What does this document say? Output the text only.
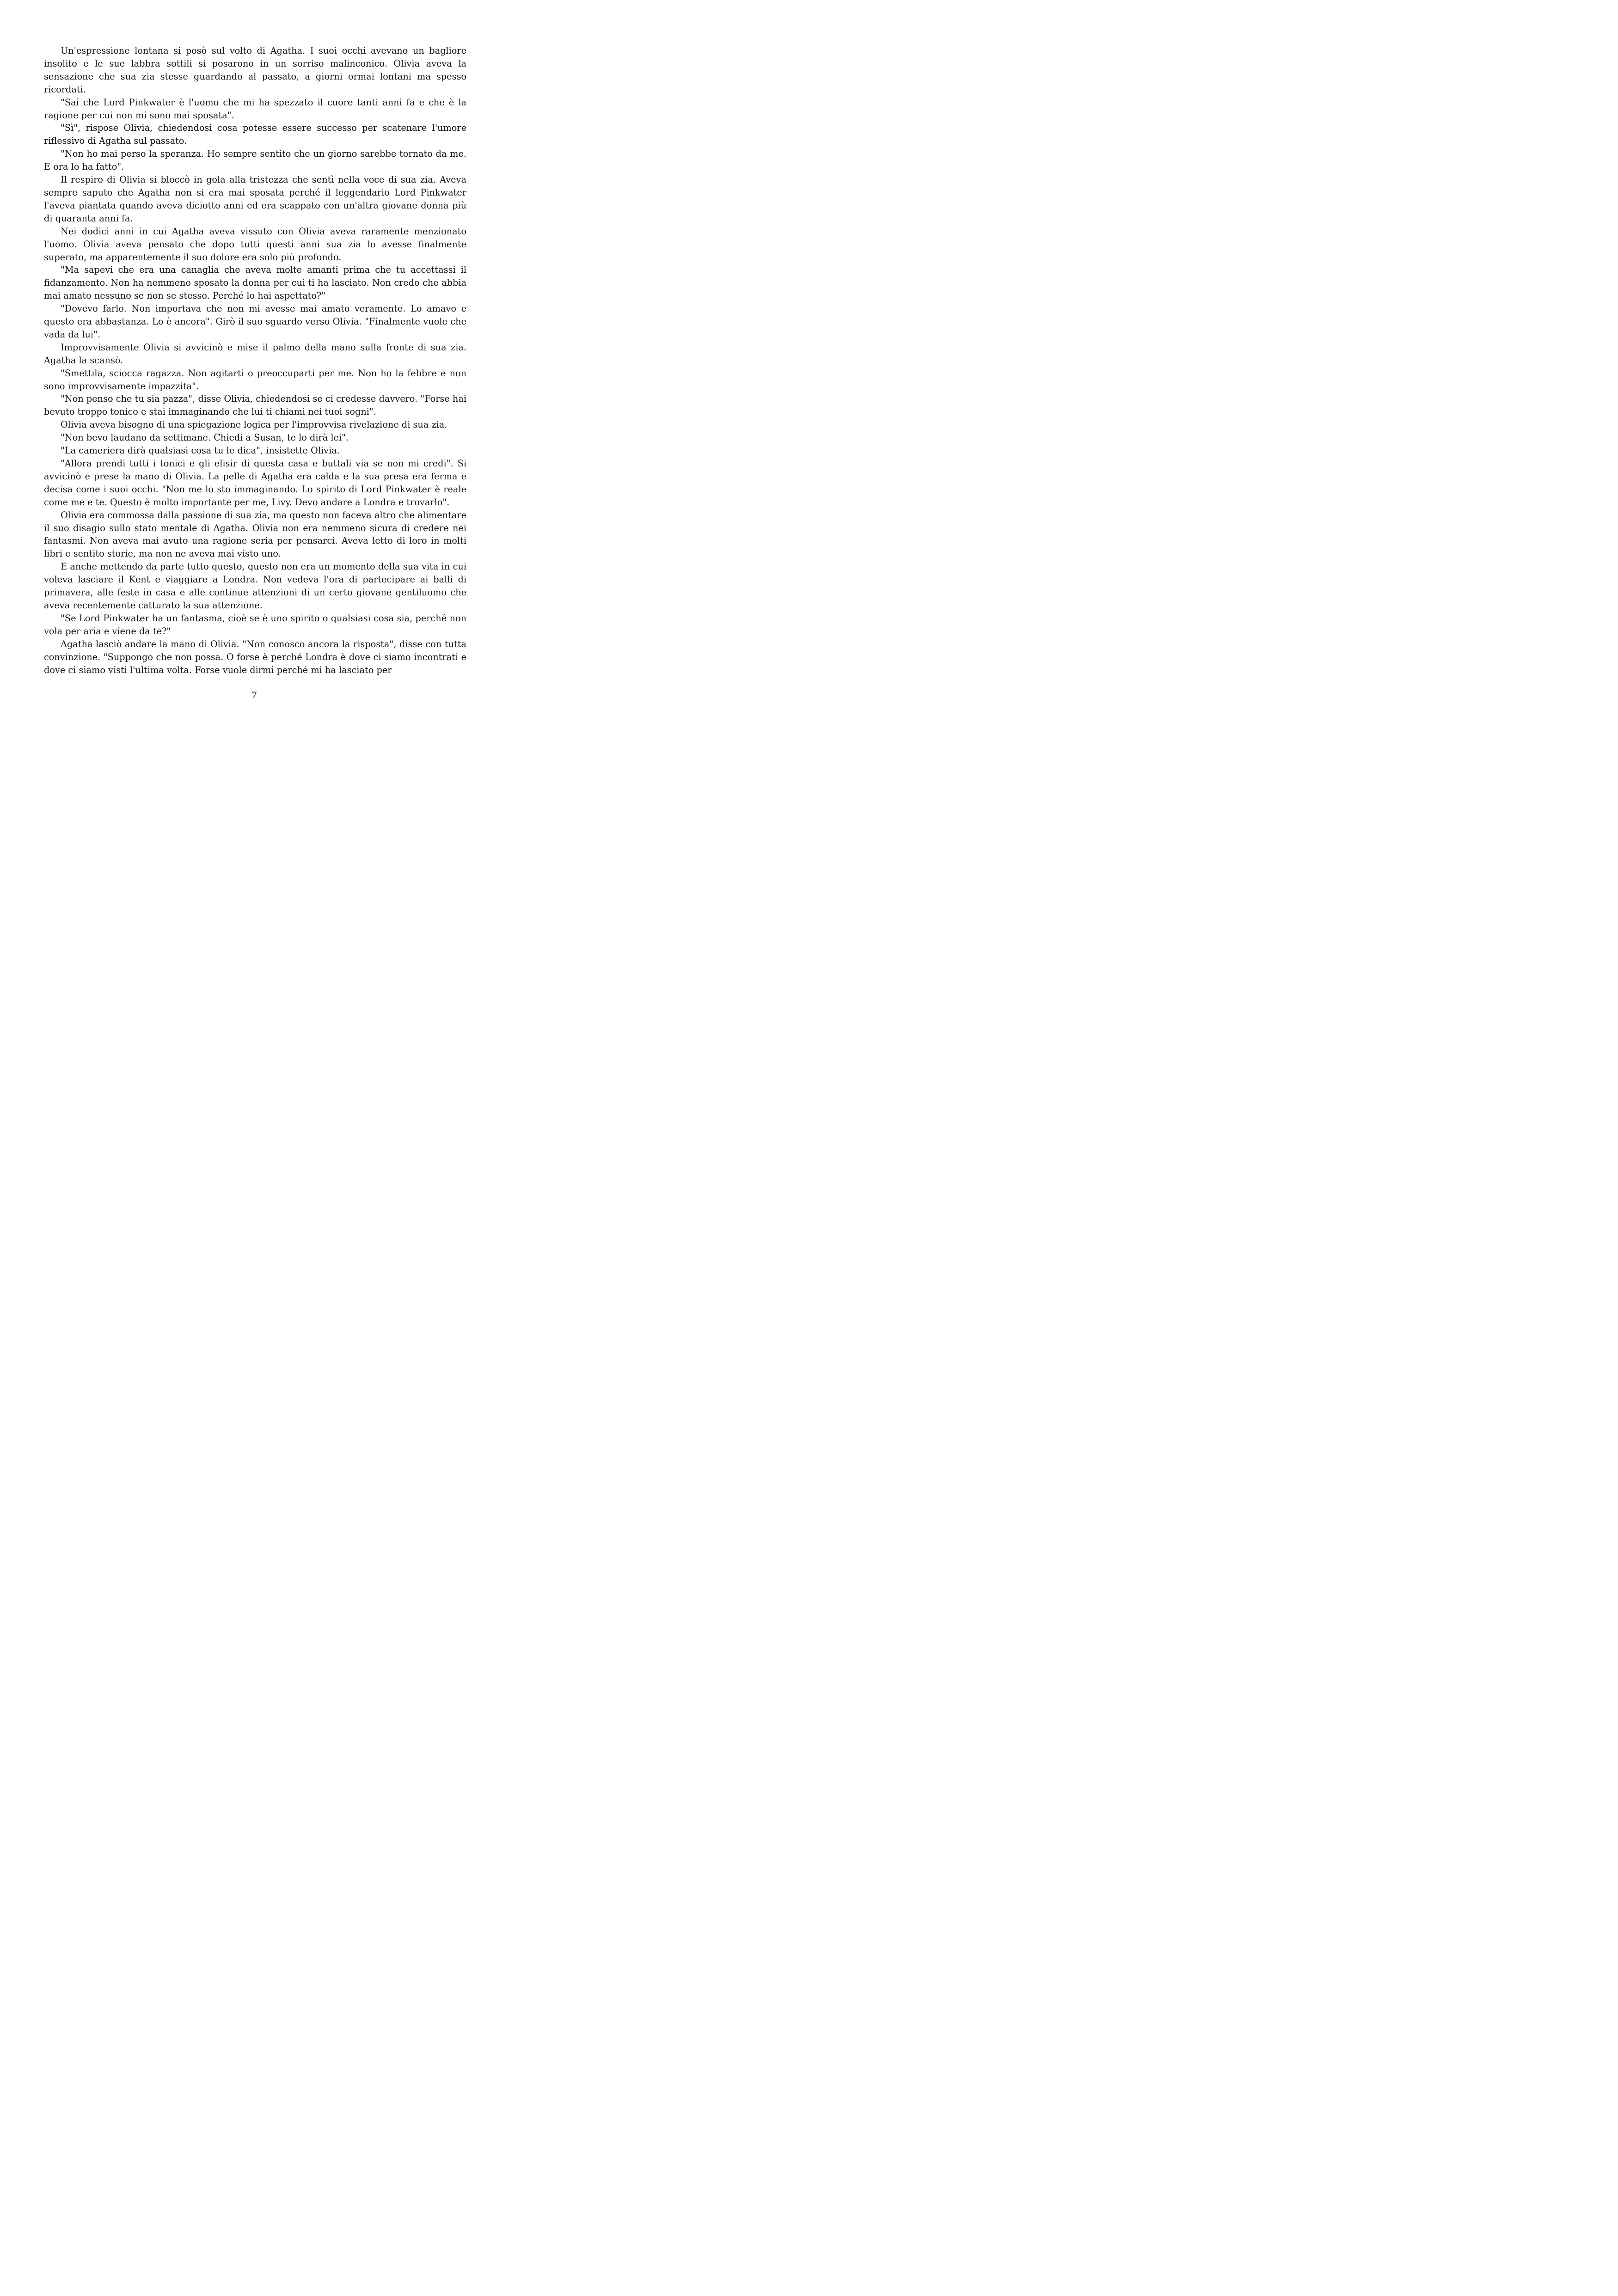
Un'espressione lontana si posò sul volto di Agatha. I suoi occhi avevano un bagliore insolito e le sue labbra sottili si posarono in un sorriso malinconico. Olivia aveva la sensazione che sua zia stesse guardando al passato, a giorni ormai lontani ma spesso ricordati.

"Sai che Lord Pinkwater è l'uomo che mi ha spezzato il cuore tanti anni fa e che è la ragione per cui non mi sono mai sposata".

"Sì", rispose Olivia, chiedendosi cosa potesse essere successo per scatenare l'umore riflessivo di Agatha sul passato.

"Non ho mai perso la speranza. Ho sempre sentito che un giorno sarebbe tornato da me. E ora lo ha fatto".

Il respiro di Olivia si bloccò in gola alla tristezza che sentì nella voce di sua zia. Aveva sempre saputo che Agatha non si era mai sposata perché il leggendario Lord Pinkwater l'aveva piantata quando aveva diciotto anni ed era scappato con un'altra giovane donna più di quaranta anni fa.

Nei dodici anni in cui Agatha aveva vissuto con Olivia aveva raramente menzionato l'uomo. Olivia aveva pensato che dopo tutti questi anni sua zia lo avesse finalmente superato, ma apparentemente il suo dolore era solo più profondo.

"Ma sapevi che era una canaglia che aveva molte amanti prima che tu accettassi il fidanzamento. Non ha nemmeno sposato la donna per cui ti ha lasciato. Non credo che abbia mai amato nessuno se non se stesso. Perché lo hai aspettato?"

"Dovevo farlo. Non importava che non mi avesse mai amato veramente. Lo amavo e questo era abbastanza. Lo è ancora". Girò il suo sguardo verso Olivia. "Finalmente vuole che vada da lui".

Improvvisamente Olivia si avvicinò e mise il palmo della mano sulla fronte di sua zia. Agatha la scansò.

"Smettila, sciocca ragazza. Non agitarti o preoccuparti per me. Non ho la febbre e non sono improvvisamente impazzita".

"Non penso che tu sia pazza", disse Olivia, chiedendosi se ci credesse davvero. "Forse hai bevuto troppo tonico e stai immaginando che lui ti chiami nei tuoi sogni".

Olivia aveva bisogno di una spiegazione logica per l'improvvisa rivelazione di sua zia.

"Non bevo laudano da settimane. Chiedi a Susan, te lo dirà lei".

"La cameriera dirà qualsiasi cosa tu le dica", insistette Olivia.

"Allora prendi tutti i tonici e gli elisir di questa casa e buttali via se non mi credi". Si avvicinò e prese la mano di Olivia. La pelle di Agatha era calda e la sua presa era ferma e decisa come i suoi occhi. "Non me lo sto immaginando. Lo spirito di Lord Pinkwater è reale come me e te. Questo è molto importante per me, Livy. Devo andare a Londra e trovarlo".

Olivia era commossa dalla passione di sua zia, ma questo non faceva altro che alimentare il suo disagio sullo stato mentale di Agatha. Olivia non era nemmeno sicura di credere nei fantasmi. Non aveva mai avuto una ragione seria per pensarci. Aveva letto di loro in molti libri e sentito storie, ma non ne aveva mai visto uno.

E anche mettendo da parte tutto questo, questo non era un momento della sua vita in cui voleva lasciare il Kent e viaggiare a Londra. Non vedeva l'ora di partecipare ai balli di primavera, alle feste in casa e alle continue attenzioni di un certo giovane gentiluomo che aveva recentemente catturato la sua attenzione.

"Se Lord Pinkwater ha un fantasma, cioè se è uno spirito o qualsiasi cosa sia, perché non vola per aria e viene da te?"

Agatha lasciò andare la mano di Olivia. "Non conosco ancora la risposta", disse con tutta convinzione. "Suppongo che non possa. O forse è perché Londra è dove ci siamo incontrati e dove ci siamo visti l'ultima volta. Forse vuole dirmi perché mi ha lasciato per

7
